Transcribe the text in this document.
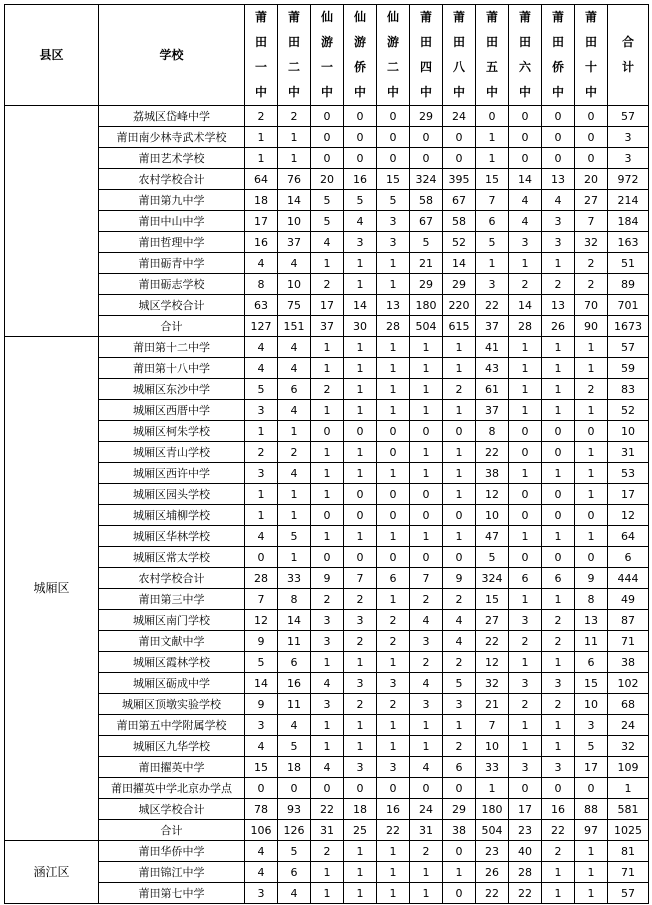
县区	学校	莆
田
一
中	莆
田
二
中	仙
游
一
中	仙
游
侨
中	仙
游
二
中	莆
田
四
中	莆
田
八
中	莆
田
五
中	莆
田
六
中	莆
田
侨
中	莆
田
十
中	合
计

	荔城区岱峰中学	2	2	0	0	0	29	24	0	0	0	0	57
	莆田南少林寺武术学校	1	1	0	0	0	0	0	1	0	0	0	3
	莆田艺术学校	1	1	0	0	0	0	0	1	0	0	0	3
	农村学校合计	64	76	20	16	15	324	395	15	14	13	20	972
	莆田第九中学	18	14	5	5	5	58	67	7	4	4	27	214
	莆田中山中学	17	10	5	4	3	67	58	6	4	3	7	184
	莆田哲理中学	16	37	4	3	3	5	52	5	3	3	32	163
	莆田砺青中学	4	4	1	1	1	21	14	1	1	1	2	51
	莆田砺志学校	8	10	2	1	1	29	29	3	2	2	2	89
	城区学校合计	63	75	17	14	13	180	220	22	14	13	70	701
	合计	127	151	37	30	28	504	615	37	28	26	90	1673
城厢区	莆田第十二中学	4	4	1	1	1	1	1	41	1	1	1	57
	莆田第十八中学	4	4	1	1	1	1	1	43	1	1	1	59
	城厢区东沙中学	5	6	2	1	1	1	2	61	1	1	2	83
	城厢区西厝中学	3	4	1	1	1	1	1	37	1	1	1	52
	城厢区柯朱学校	1	1	0	0	0	0	0	8	0	0	0	10
	城厢区青山学校	2	2	1	1	0	1	1	22	0	0	1	31
	城厢区西许中学	3	4	1	1	1	1	1	38	1	1	1	53
	城厢区园头学校	1	1	1	0	0	0	1	12	0	0	1	17
	城厢区埔柳学校	1	1	0	0	0	0	0	10	0	0	0	12
	城厢区华林学校	4	5	1	1	1	1	1	47	1	1	1	64
	城厢区常太学校	0	1	0	0	0	0	0	5	0	0	0	6
	农村学校合计	28	33	9	7	6	7	9	324	6	6	9	444
	莆田第三中学	7	8	2	2	1	2	2	15	1	1	8	49
	城厢区南门学校	12	14	3	3	2	4	4	27	3	2	13	87
	莆田文献中学	9	11	3	2	2	3	4	22	2	2	11	71
	城厢区霞林学校	5	6	1	1	1	2	2	12	1	1	6	38
	城厢区砺成中学	14	16	4	3	3	4	5	32	3	3	15	102
	城厢区顶墩实验学校	9	11	3	2	2	3	3	21	2	2	10	68
	莆田第五中学附属学校	3	4	1	1	1	1	1	7	1	1	3	24
	城厢区九华学校	4	5	1	1	1	1	2	10	1	1	5	32
	莆田擢英中学	15	18	4	3	3	4	6	33	3	3	17	109
	莆田擢英中学北京办学点	0	0	0	0	0	0	0	1	0	0	0	1
	城区学校合计	78	93	22	18	16	24	29	180	17	16	88	581
	合计	106	126	31	25	22	31	38	504	23	22	97	1025
涵江区	莆田华侨中学	4	5	2	1	1	2	0	23	40	2	1	81
	莆田锦江中学	4	6	1	1	1	1	1	26	28	1	1	71
	莆田第七中学	3	4	1	1	1	1	0	22	22	1	1	57
